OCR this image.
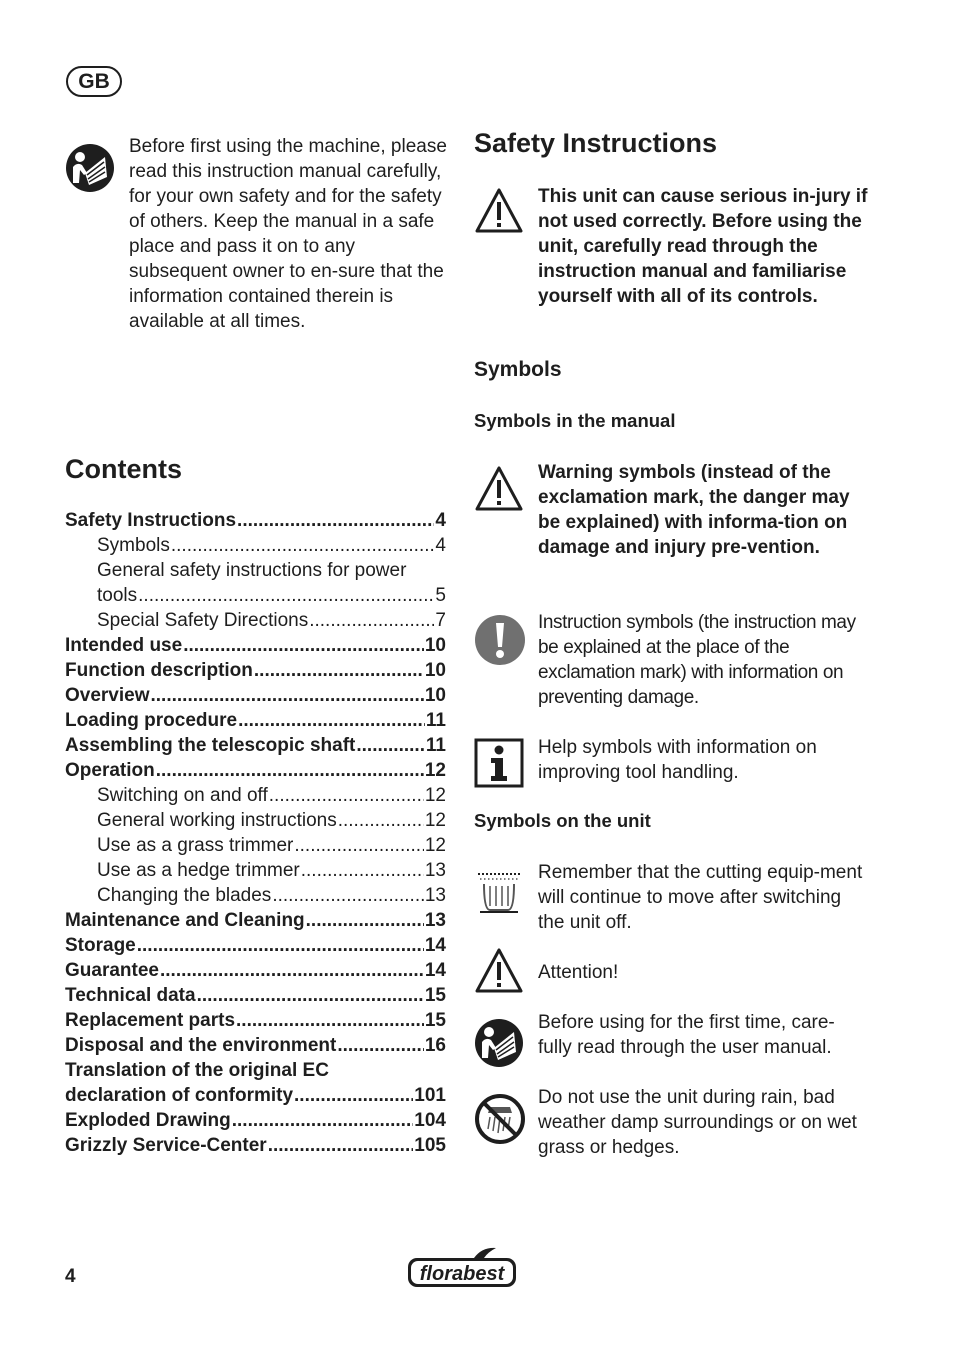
GB

Before first using the machine, please read this instruction manual carefully, for your own safety and for the safety of others. Keep the manual in a safe place and pass it on to any subsequent owner to en-sure that the information contained therein is available at all times.

Contents
Safety Instructions .....	4
Symbols .....	4
General safety instructions for power
tools .....	5
Special Safety Directions .....	7
Intended use .....	10
Function description .....	10
Overview .....	10
Loading procedure .....	11
Assembling the telescopic shaft .....	11
Operation .....	12
Switching on and off .....	12
General working instructions .....	12
Use as a grass trimmer .....	12
Use as a hedge trimmer .....	13
Changing the blades .....	13
Maintenance and Cleaning .....	13
Storage .....	14
Guarantee .....	14
Technical data .....	15
Replacement parts .....	15
Disposal and the environment .....	16
Translation of the original EC
declaration of conformity .....	101
Exploded Drawing .....	104
Grizzly Service-Center .....	105
Safety Instructions

This unit can cause serious in-jury if not used correctly. Before using the unit, carefully read through the instruction manual and familiarise yourself with all of its controls.

Symbols
Symbols in the manual

Warning symbols (instead of the exclamation mark, the danger may be explained) with informa-tion on damage and injury pre-vention.

Instruction symbols (the instruction may be explained at the place of the exclamation mark) with information on preventing damage.

Help symbols with information on improving tool handling.

Symbols on the unit

Remember that the cutting equip-ment will continue to move after switching the unit off.

Attention!

Before using for the first time, care-fully read through the user manual.

Do not use the unit during rain, bad weather damp surroundings or on wet grass or hedges.

4	florabest
